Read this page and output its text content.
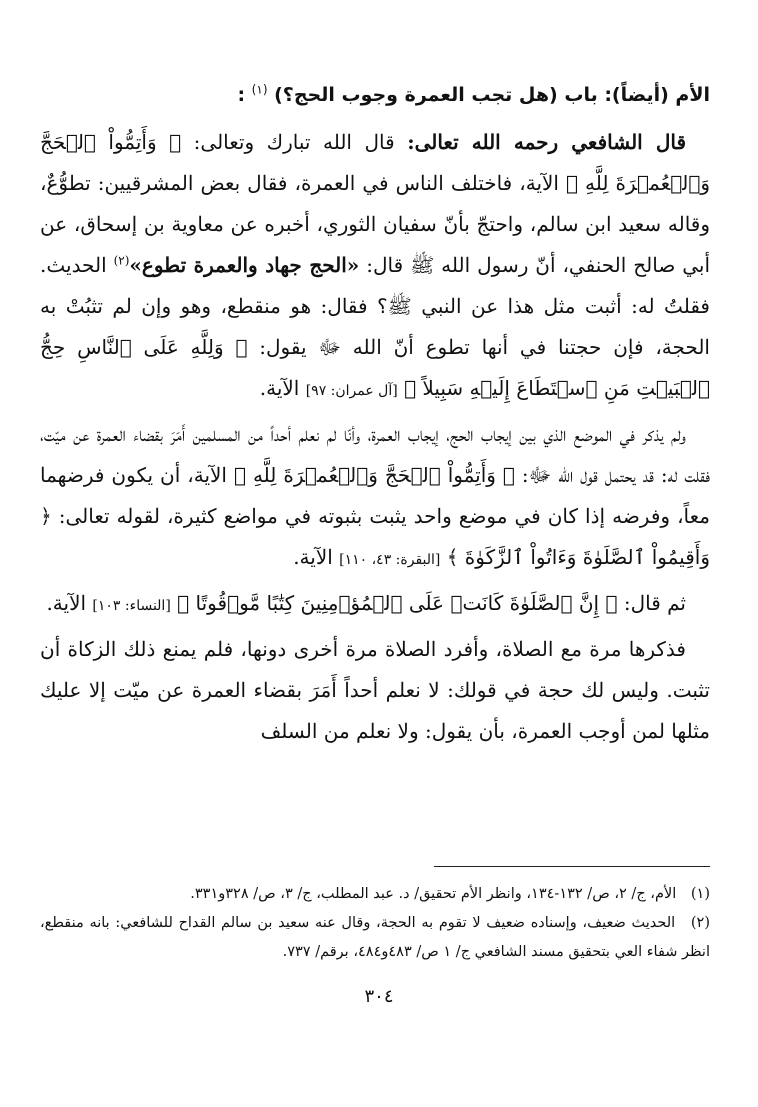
الأم (أيضاً): باب (هل تجب العمرة وجوب الحج؟) $^{(١)}$ :

قال الشافعي رحمه الله تعالى: قال الله تبارك وتعالى: ﴿ وَأَتِمُّواْ ٱلۡحَجَّ وَٱلۡعُمۡرَةَ لِلَّهِ ﴾ الآية، فاختلف الناس في العمرة، فقال بعض المشرقيين: تطوُّعٌ، وقاله سعيد ابن سالم، واحتجّ بأنّ سفيان الثوري، أخبره عن معاوية بن إسحاق، عن أبي صالح الحنفي، أنّ رسول الله ﷺ قال: «الحج جهاد والعمرة تطوع»$^{(٢)}$ الحديث. فقلتُ له: أثبت مثل هذا عن النبي ﷺ؟ فقال: هو منقطع، وهو وإن لم تثبُتْ به الحجة، فإن حجتنا في أنها تطوع أنّ الله ﷻ يقول: ﴿ وَلِلَّهِ عَلَى ٱلنَّاسِ حِجُّ ٱلۡبَيۡتِ مَنِ ٱسۡتَطَاعَ إِلَيۡهِ سَبِيلاً ﴾ [آل عمران: ٩٧] الآية.

ولم يذكر في الموضع الذي بين إيجاب الحج، إيجاب العمرة، وأنّا لم نعلم أحداً من المسلمين أَمَرَ بقضاء العمرة عن ميّت، فقلت له: قد يحتمل قول الله ﷻ: ﴿ وَأَتِمُّواْ ٱلۡحَجَّ وَٱلۡعُمۡرَةَ لِلَّهِ ﴾ الآية، أن يكون فرضهما معاً، وفرضه إذا كان في موضع واحد يثبت بثبوته في مواضع كثيرة، لقوله تعالى: ﴿ وَأَقِيمُواْ ٱلصَّلَوٰةَ وَءَاتُواْ ٱلزَّكَوٰةَ ﴾ [البقرة: ٤٣، ١١٠] الآية.

ثم قال: ﴿ إِنَّ ٱلصَّلَوٰةَ كَانَتۡ عَلَى ٱلۡمُؤۡمِنِينَ كِتَٰبًا مَّوۡقُوتًا ﴾ [النساء: ١٠٣] الآية.

فذكرها مرة مع الصلاة، وأفرد الصلاة مرة أخرى دونها، فلم يمنع ذلك الزكاة أن تثبت. وليس لك حجة في قولك: لا نعلم أحداً أَمَرَ بقضاء العمرة عن ميّت إلا عليك مثلها لمن أوجب العمرة، بأن يقول: ولا نعلم من السلف

(١) الأم، ج/ ٢، ص/ ١٣٢-١٣٤، وانظر الأم تحقيق/ د. عبد المطلب، ج/ ٣، ص/ ٣٢٨و٣٣١.

(٢) الحديث ضعيف، وإسناده ضعيف لا تقوم به الحجة، وقال عنه سعيد بن سالم القداح للشافعي: بانه منقطع، انظر شفاء العي بتحقيق مسند الشافعي ج/ ١ ص/ ٤٨٣و٤٨٤، برقم/ ٧٣٧.

٣٠٤
